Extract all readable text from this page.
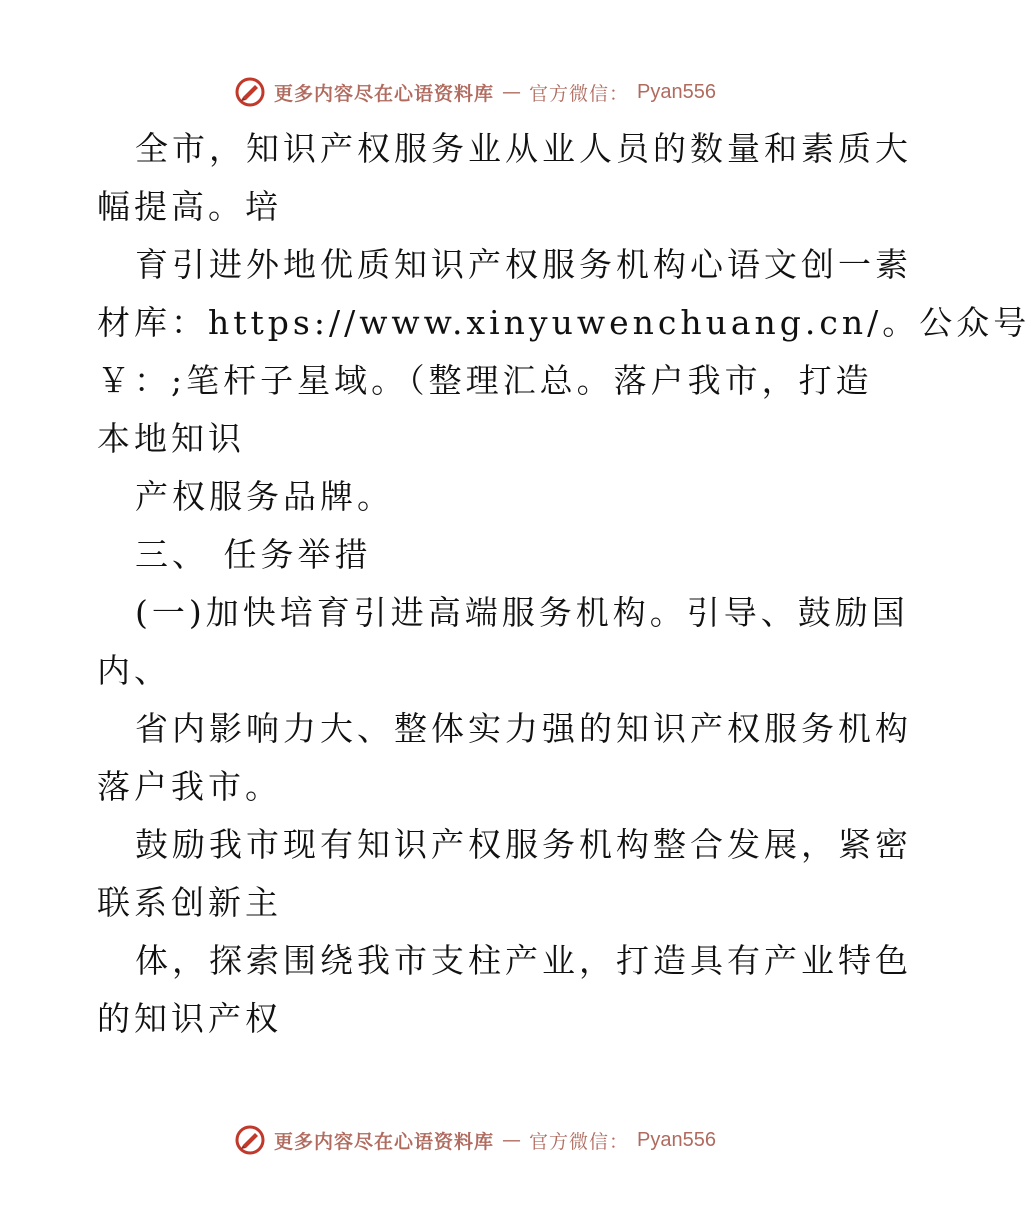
更多内容尽在心语资料库 — 官方微信： Pyan556
全市，知识产权服务业从业人员的数量和素质大
幅提高。培
育引进外地优质知识产权服务机构心语文创一素
材库：https://www.xinyuwenchuang.cn/。公众号
￥：;笔杆子星域。（整理汇总。落户我市，打造
本地知识
产权服务品牌。
三、 任务举措
(一)加快培育引进高端服务机构。引导、鼓励国
内、
省内影响力大、整体实力强的知识产权服务机构
落户我市。
鼓励我市现有知识产权服务机构整合发展，紧密
联系创新主
体，探索围绕我市支柱产业，打造具有产业特色
的知识产权
更多内容尽在心语资料库 — 官方微信： Pyan556
